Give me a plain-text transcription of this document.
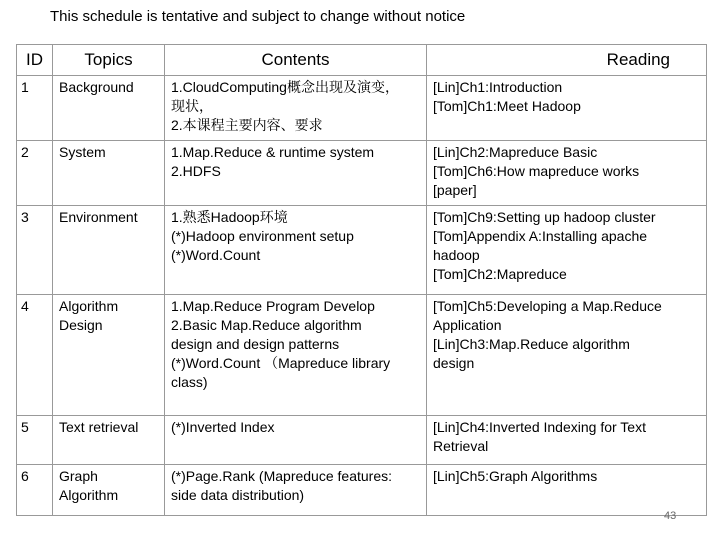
This schedule is tentative and subject to change without notice
ID	Topics	Contents	Reading
1	Background	1.CloudComputing概念出现及演变，
现状，
2.本课程主要内容、要求	[Lin]Ch1:Introduction
[Tom]Ch1:Meet Hadoop

2	System	1.Map.Reduce & runtime system
2.HDFS	[Lin]Ch2:Mapreduce Basic
[Tom]Ch6:How mapreduce works
[paper]

3	Environment	1.熟悉Hadoop环境
(*)Hadoop environment setup
(*)Word.Count	[Tom]Ch9:Setting up hadoop cluster
[Tom]Appendix A:Installing apache
hadoop
[Tom]Ch2:Mapreduce

4	Algorithm
Design	1.Map.Reduce Program Develop
2.Basic Map.Reduce algorithm
design and design patterns
(*)Word.Count （Mapreduce library
class)	[Tom]Ch5:Developing a Map.Reduce
Application
[Lin]Ch3:Map.Reduce algorithm
design

5	Text retrieval	(*)Inverted Index	[Lin]Ch4:Inverted Indexing for Text
Retrieval

6	Graph
Algorithm	(*)Page.Rank (Mapreduce features:
side data distribution)	[Lin]Ch5:Graph Algorithms
43
